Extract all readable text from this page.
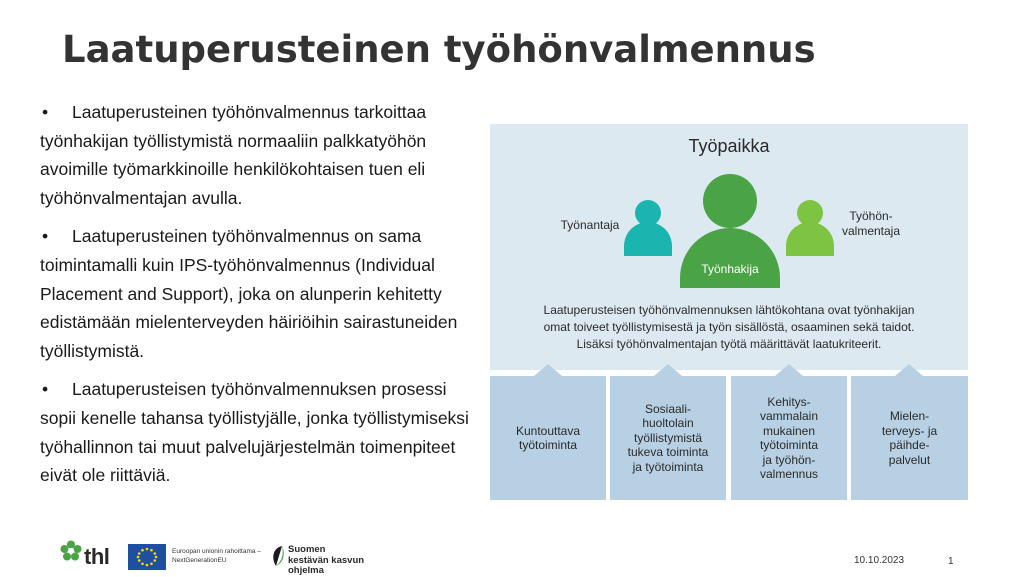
Laatuperusteinen työhönvalmennus

• Laatuperusteinen työhönvalmennus tarkoittaa työnhakijan työllistymistä normaaliin palkkatyöhön avoimille työmarkkinoille henkilökohtaisen tuen eli työhönvalmentajan avulla.

• Laatuperusteinen työhönvalmennus on sama toimintamalli kuin IPS-työhönvalmennus (Individual Placement and Support), joka on alunperin kehitetty edistämään mielenterveyden häiriöihin sairastuneiden työllistymistä.

• Laatuperusteisen työhönvalmennuksen prosessi sopii kenelle tahansa työllistyjälle, jonka työllistymiseksi työhallinnon tai muut palvelujärjestelmän toimenpiteet eivät ole riittäviä.

Työpaikka
Työnantaja
Työnhakija
Työhön-
valmentaja
Laatuperusteisen työhönvalmennuksen lähtökohtana ovat työnhakijan
omat toiveet työllistymisestä ja työn sisällöstä, osaaminen sekä taidot.
Lisäksi työhönvalmentajan työtä määrittävät laatukriteerit.
Kuntouttava
työtoiminta
Sosiaali-
huoltolain
työllistymistä
tukeva toiminta
ja työtoiminta
Kehitys-
vammalain
mukainen
työtoiminta
ja työhön-
valmennus
Mielen-
terveys- ja
päihde-
palvelut
thl	Euroopan unionin rahoittama –
NextGenerationEU
Suomen
kestävän kasvun
ohjelma
10.10.2023	1
